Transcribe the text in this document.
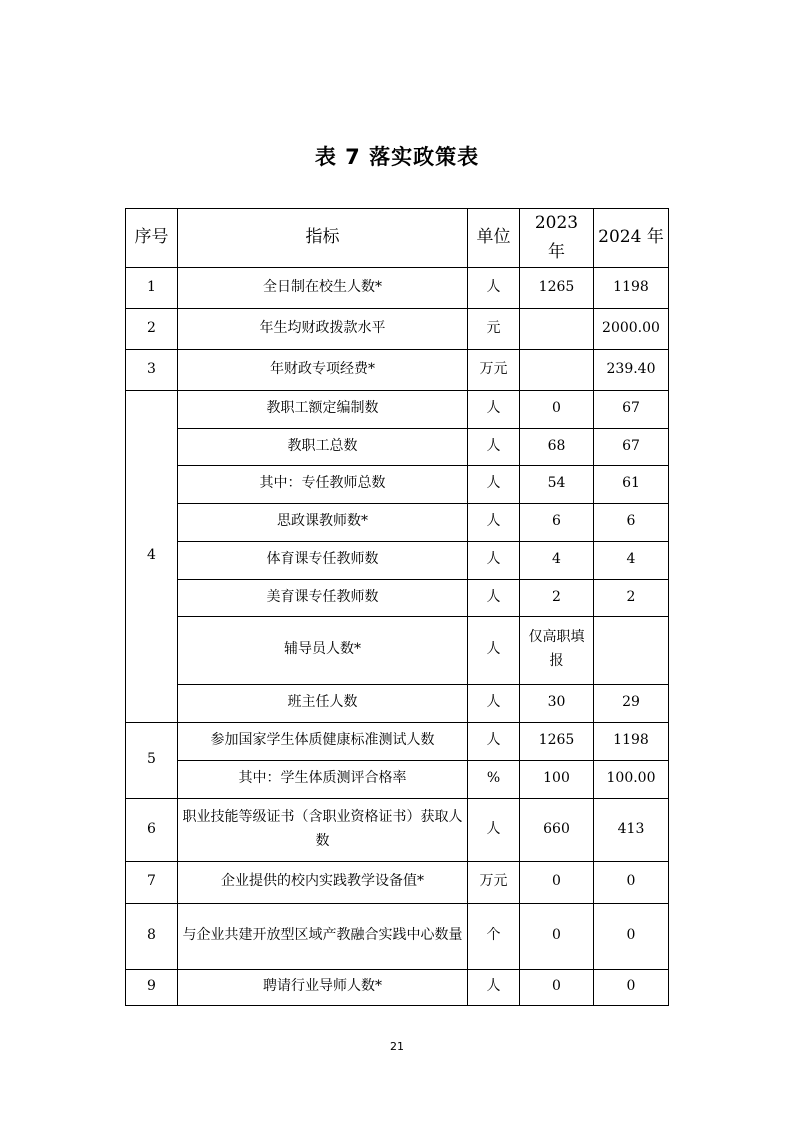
表 7 落实政策表
序号	指标	单位	2023 年	2024 年
1	全日制在校生人数*	人	1265	1198
2	年生均财政拨款水平	元		2000.00
3	年财政专项经费*	万元		239.40
4	教职工额定编制数	人	0	67
	教职工总数	人	68	67
	其中：专任教师总数	人	54	61
	思政课教师数*	人	6	6
	体育课专任教师数	人	4	4
	美育课专任教师数	人	2	2
	辅导员人数*	人	仅高职填报	
	班主任人数	人	30	29
5	参加国家学生体质健康标准测试人数	人	1265	1198
	其中：学生体质测评合格率	%	100	100.00
6	职业技能等级证书（含职业资格证书）获取人数	人	660	413
7	企业提供的校内实践教学设备值*	万元	0	0
8	与企业共建开放型区域产教融合实践中心数量	个	0	0
9	聘请行业导师人数*	人	0	0
21
